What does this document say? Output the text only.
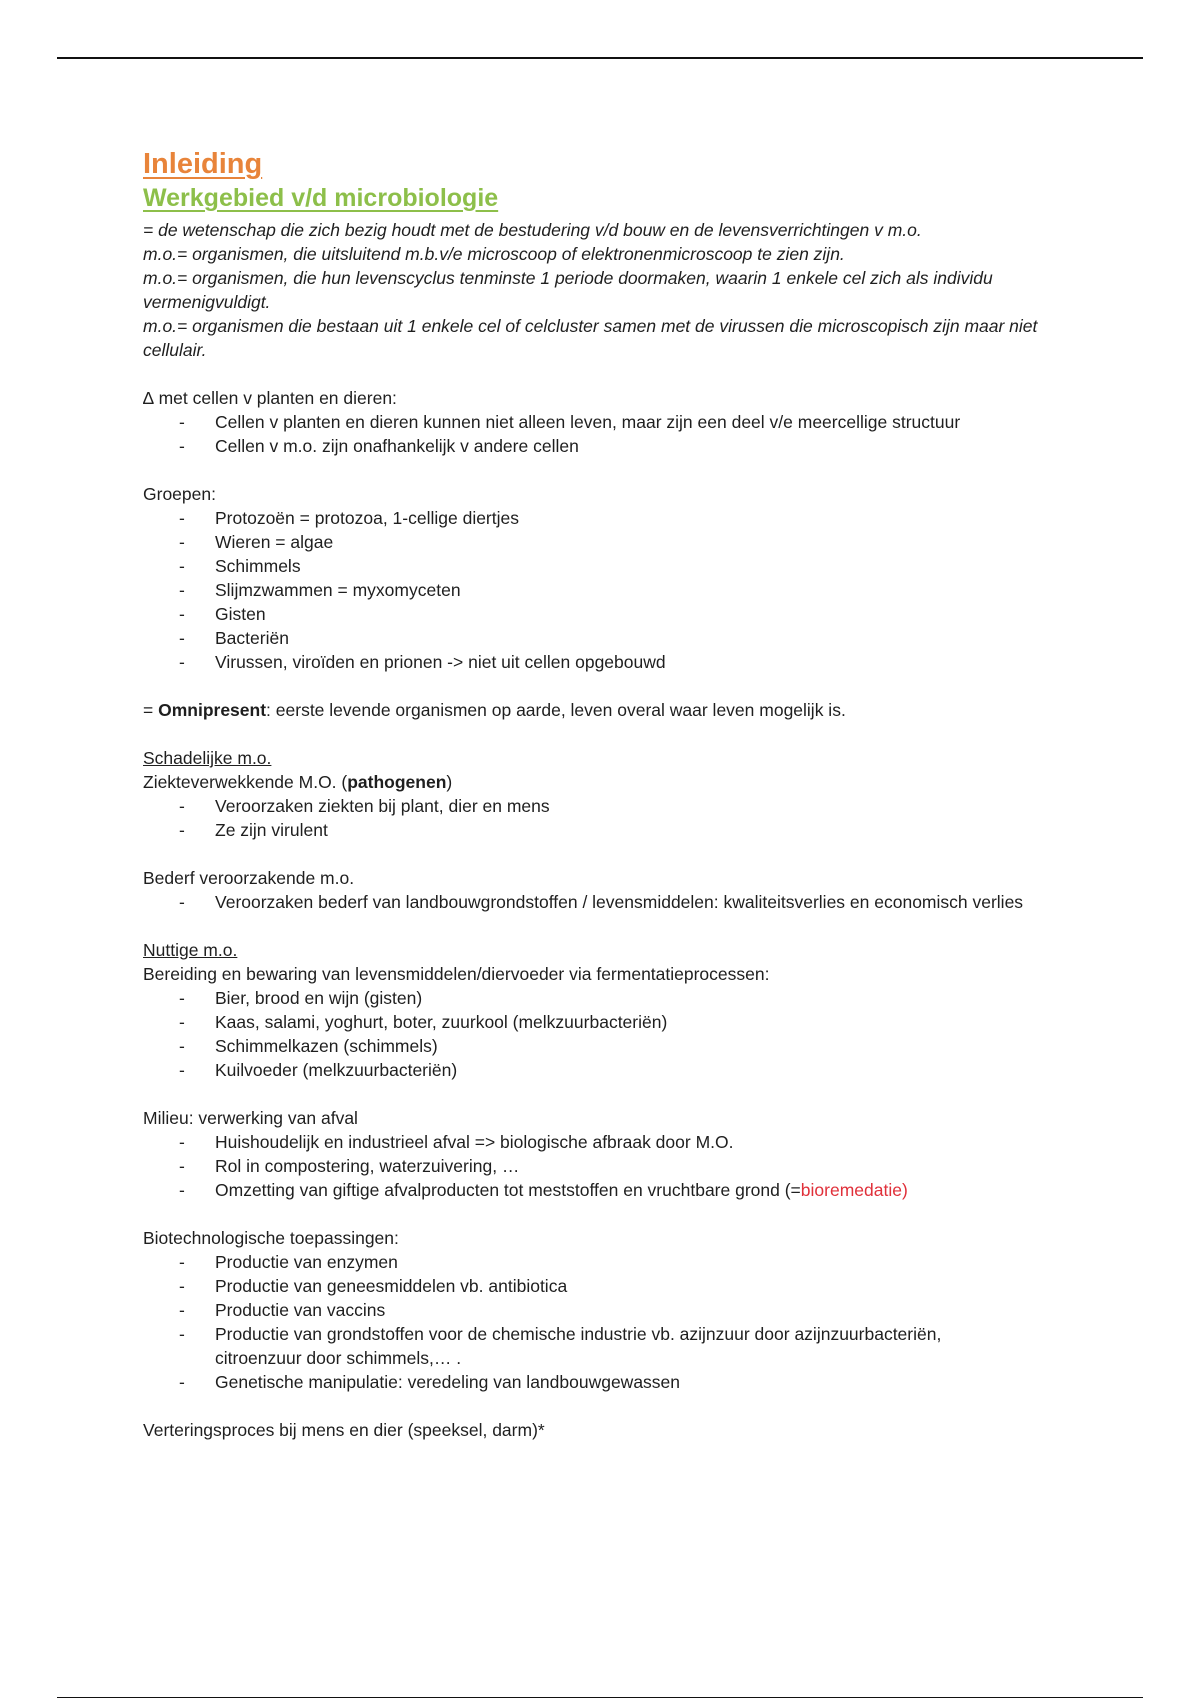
Inleiding
Werkgebied v/d microbiologie

= de wetenschap die zich bezig houdt met de bestudering v/d bouw en de levensverrichtingen v m.o.

m.o.= organismen, die uitsluitend m.b.v/e microscoop of elektronenmicroscoop te zien zijn.

m.o.= organismen, die hun levenscyclus tenminste 1 periode doormaken, waarin 1 enkele cel zich als individu vermenigvuldigt.

m.o.= organismen die bestaan uit 1 enkele cel of celcluster samen met de virussen die microscopisch zijn maar niet cellulair.

∆ met cellen v planten en dieren:

- Cellen v planten en dieren kunnen niet alleen leven, maar zijn een deel v/e meercellige structuur
- Cellen v m.o. zijn onafhankelijk v andere cellen

Groepen:

- Protozoën = protozoa, 1-cellige diertjes
- Wieren = algae
- Schimmels
- Slijmzwammen = myxomyceten
- Gisten
- Bacteriën
- Virussen, viroïden en prionen -> niet uit cellen opgebouwd

= Omnipresent: eerste levende organismen op aarde, leven overal waar leven mogelijk is.

Schadelijke m.o.

Ziekteverwekkende M.O. (pathogenen)

- Veroorzaken ziekten bij plant, dier en mens
- Ze zijn virulent

Bederf veroorzakende m.o.

- Veroorzaken bederf van landbouwgrondstoffen / levensmiddelen: kwaliteitsverlies en economisch verlies

Nuttige m.o.

Bereiding en bewaring van levensmiddelen/diervoeder via fermentatieprocessen:

- Bier, brood en wijn (gisten)
- Kaas, salami, yoghurt, boter, zuurkool (melkzuurbacteriën)
- Schimmelkazen (schimmels)
- Kuilvoeder (melkzuurbacteriën)

Milieu: verwerking van afval

- Huishoudelijk en industrieel afval => biologische afbraak door M.O.
- Rol in compostering, waterzuivering, …
- Omzetting van giftige afvalproducten tot meststoffen en vruchtbare grond (=bioremedatie)

Biotechnologische toepassingen:

- Productie van enzymen
- Productie van geneesmiddelen vb. antibiotica
- Productie van vaccins
- Productie van grondstoffen voor de chemische industrie vb. azijnzuur door azijnzuurbacteriën, citroenzuur door schimmels,… .
- Genetische manipulatie: veredeling van landbouwgewassen

Verteringsproces bij mens en dier (speeksel, darm)*
